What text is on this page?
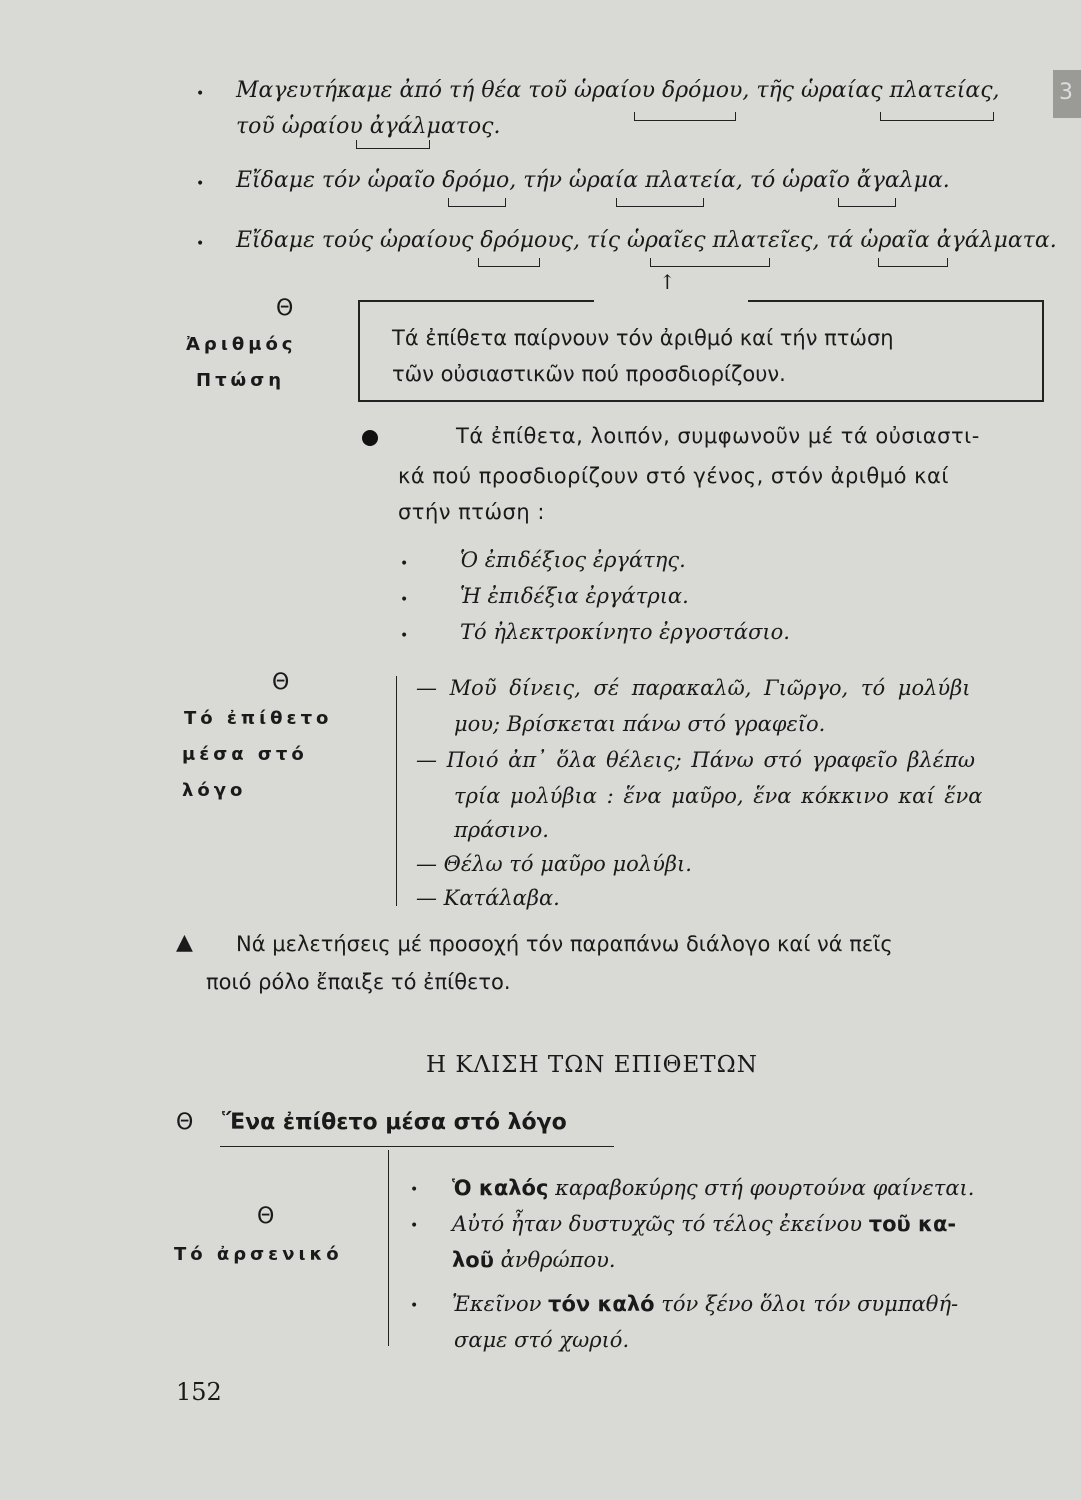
3
• Μαγευτήκαμε ἀπό τή θέα τοῦ ὡραίου δρόμου, τῆς ὡραίας πλατείας,
τοῦ ὡραίου ἀγάλματος.
• Εἴδαμε τόν ὡραῖο δρόμο, τήν ὡραία πλατεία, τό ὡραῖο ἄγαλμα.
• Εἴδαμε τούς ὡραίους δρόμους, τίς ὡραῖες πλατεῖες, τά ὡραῖα ἀγάλματα.
↑
Θ
Ἀριθμός
Πτώση
Τά ἐπίθετα παίρνουν τόν ἀριθμό καί τήν πτώση
τῶν οὐσιαστικῶν πού προσδιορίζουν.
Τά ἐπίθετα, λοιπόν, συμφωνοῦν μέ τά οὐσιαστι-
κά πού προσδιορίζουν στό γένος, στόν ἀριθμό καί
στήν πτώση :
• Ὁ ἐπιδέξιος ἐργάτης.
• Ἡ ἐπιδέξια ἐργάτρια.
• Τό ἠλεκτροκίνητο ἐργοστάσιο.
Θ
Τό ἐπίθετο
μέσα στό
λόγο
— Μοῦ δίνεις, σέ παρακαλῶ, Γιῶργο, τό μολύβι
μου; Βρίσκεται πάνω στό γραφεῖο.
— Ποιό ἀπ᾽ ὅλα θέλεις; Πάνω στό γραφεῖο βλέπω
τρία μολύβια : ἕνα μαῦρο, ἕνα κόκκινο καί ἕνα
πράσινο.
— Θέλω τό μαῦρο μολύβι.
— Κατάλαβα.
▲ Νά μελετήσεις μέ προσοχή τόν παραπάνω διάλογο καί νά πεῖς
ποιό ρόλο ἔπαιξε τό ἐπίθετο.
Η ΚΛΙΣΗ ΤΩΝ ΕΠΙΘΕΤΩΝ
Θ Ἕνα ἐπίθετο μέσα στό λόγο
Θ
Τό ἀρσενικό
• Ὁ καλός καραβοκύρης στή φουρτούνα φαίνεται.
• Αὐτό ἦταν δυστυχῶς τό τέλος ἐκείνου τοῦ κα-
λοῦ ἀνθρώπου.
• Ἐκεῖνον τόν καλό τόν ξένο ὅλοι τόν συμπαθή-
σαμε στό χωριό.
152
